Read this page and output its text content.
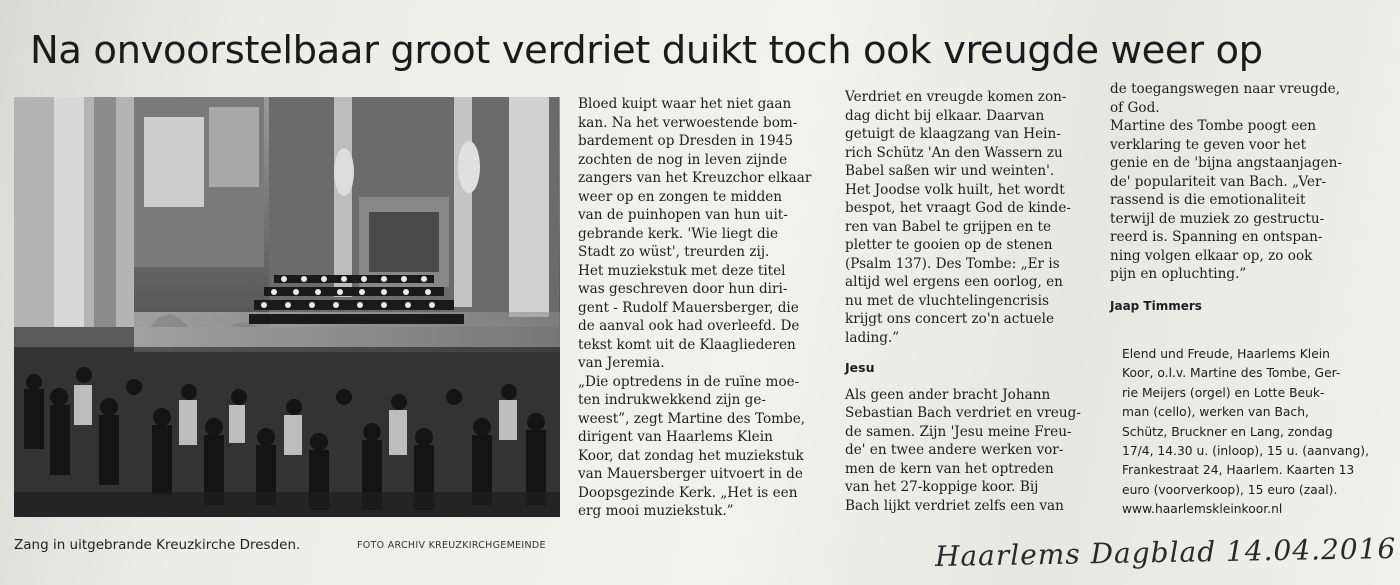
Na onvoorstelbaar groot verdriet duikt toch ook vreugde weer op
Zang in uitgebrande Kreuzkirche Dresden.	FOTO ARCHIV KREUZKIRCHGEMEINDE
Bloed kuipt waar het niet gaan
kan. Na het verwoestende bom-
bardement op Dresden in 1945
zochten de nog in leven zijnde
zangers van het Kreuzchor elkaar
weer op en zongen te midden
van de puinhopen van hun uit-
gebrande kerk. 'Wie liegt die
Stadt zo wüst', treurden zij.
Het muziekstuk met deze titel
was geschreven door hun diri-
gent - Rudolf Mauersberger, die
de aanval ook had overleefd. De
tekst komt uit de Klaagliederen
van Jeremia.
„Die optredens in de ruïne moe-
ten indrukwekkend zijn ge-
weest”, zegt Martine des Tombe,
dirigent van Haarlems Klein
Koor, dat zondag het muziekstuk
van Mauersberger uitvoert in de
Doopsgezinde Kerk. „Het is een
erg mooi muziekstuk.”
Verdriet en vreugde komen zon-
dag dicht bij elkaar. Daarvan
getuigt de klaagzang van Hein-
rich Schütz 'An den Wassern zu
Babel saßen wir und weinten'.
Het Joodse volk huilt, het wordt
bespot, het vraagt God de kinde-
ren van Babel te grijpen en te
pletter te gooien op de stenen
(Psalm 137). Des Tombe: „Er is
altijd wel ergens een oorlog, en
nu met de vluchtelingencrisis
krijgt ons concert zo'n actuele
lading.”
Jesu
Als geen ander bracht Johann
Sebastian Bach verdriet en vreug-
de samen. Zijn 'Jesu meine Freu-
de' en twee andere werken vor-
men de kern van het optreden
van het 27-koppige koor. Bij
Bach lijkt verdriet zelfs een van
de toegangswegen naar vreugde,
of God.
Martine des Tombe poogt een
verklaring te geven voor het
genie en de 'bijna angstaanjagen-
de' populariteit van Bach. „Ver-
rassend is die emotionaliteit
terwijl de muziek zo gestructu-
reerd is. Spanning en ontspan-
ning volgen elkaar op, zo ook
pijn en opluchting.”
Jaap Timmers
Elend und Freude, Haarlems Klein
Koor, o.l.v. Martine des Tombe, Ger-
rie Meijers (orgel) en Lotte Beuk-
man (cello), werken van Bach,
Schütz, Bruckner en Lang, zondag
17/4, 14.30 u. (inloop), 15 u. (aanvang),
Frankestraat 24, Haarlem. Kaarten 13
euro (voorverkoop), 15 euro (zaal).
www.haarlemskleinkoor.nl
Haarlems Dagblad 14.04.2016
